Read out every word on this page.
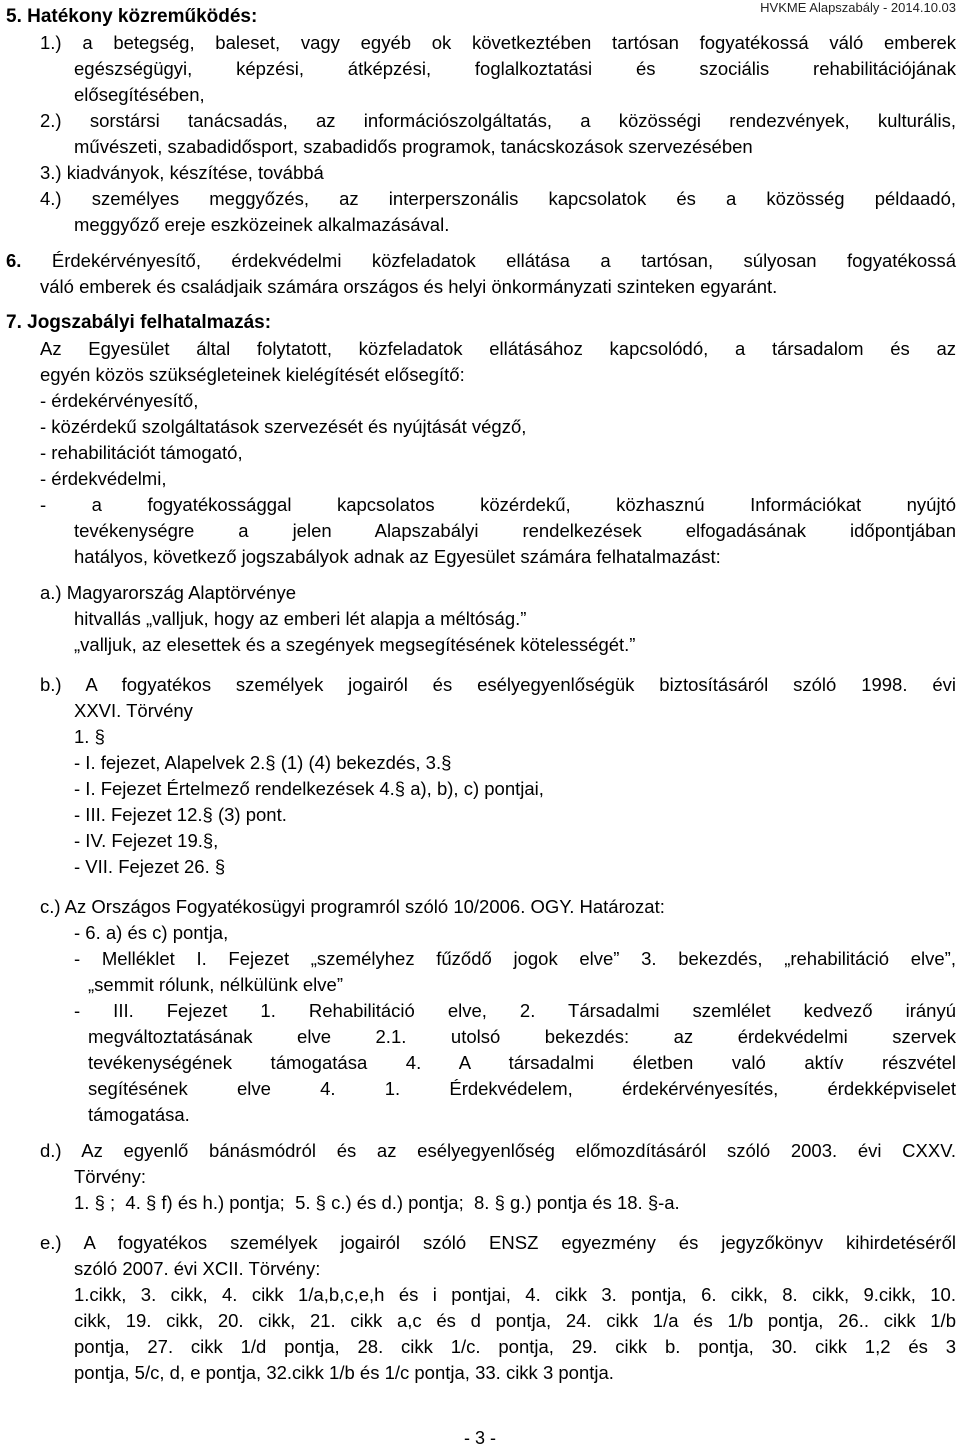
HVKME Alapszabály - 2014.10.03

5. Hatékony közreműködés:

1.) a betegség, baleset, vagy egyéb ok következtében tartósan fogyatékossá váló emberek

egészségügyi, képzési, átképzési, foglalkoztatási és szociális rehabilitációjának

elősegítésében,

2.) sorstársi tanácsadás, az információszolgáltatás, a közösségi rendezvények, kulturális,

művészeti, szabadidősport, szabadidős programok, tanácskozások szervezésében

3.) kiadványok, készítése, továbbá

4.) személyes meggyőzés, az interperszonális kapcsolatok és a közösség példaadó,

meggyőző ereje eszközeinek alkalmazásával.

6. Érdekérvényesítő, érdekvédelmi közfeladatok ellátása a tartósan, súlyosan fogyatékossá

váló emberek és családjaik számára országos és helyi önkormányzati szinteken egyaránt.

7. Jogszabályi felhatalmazás:

Az Egyesület által folytatott, közfeladatok ellátásához kapcsolódó, a társadalom és az

egyén közös szükségleteinek kielégítését elősegítő:

- érdekérvényesítő,

- közérdekű szolgáltatások szervezését és nyújtását végző,

- rehabilitációt támogató,

- érdekvédelmi,

- a fogyatékossággal kapcsolatos közérdekű, közhasznú Információkat nyújtó

tevékenységre a jelen Alapszabályi rendelkezések elfogadásának időpontjában

hatályos, következő jogszabályok adnak az Egyesület számára felhatalmazást:

a.) Magyarország Alaptörvénye

hitvallás „valljuk, hogy az emberi lét alapja a méltóság.”

„valljuk, az elesettek és a szegények megsegítésének kötelességét.”

b.) A fogyatékos személyek jogairól és esélyegyenlőségük biztosításáról szóló 1998. évi

XXVI. Törvény

1. §

- I. fejezet, Alapelvek 2.§ (1) (4) bekezdés, 3.§

- I. Fejezet Értelmező rendelkezések 4.§ a), b), c) pontjai,

- III. Fejezet 12.§ (3) pont.

- IV. Fejezet 19.§,

- VII. Fejezet 26. §

c.) Az Országos Fogyatékosügyi programról szóló 10/2006. OGY. Határozat:

- 6. a) és c) pontja,

- Melléklet I. Fejezet „személyhez fűződő jogok elve” 3. bekezdés, „rehabilitáció elve”,

„semmit rólunk, nélkülünk elve”

- III. Fejezet 1. Rehabilitáció elve, 2. Társadalmi szemlélet kedvező irányú

megváltoztatásának elve 2.1. utolsó bekezdés: az érdekvédelmi szervek

tevékenységének támogatása 4. A társadalmi életben való aktív részvétel

segítésének elve 4. 1. Érdekvédelem, érdekérvényesítés, érdekképviselet

támogatása.

d.) Az egyenlő bánásmódról és az esélyegyenlőség előmozdításáról szóló 2003. évi CXXV.

Törvény:

1. § ;  4. § f) és h.) pontja;  5. § c.) és d.) pontja;  8. § g.) pontja és 18. §-a.

e.) A fogyatékos személyek jogairól szóló ENSZ egyezmény és jegyzőkönyv kihirdetéséről

szóló 2007. évi XCII. Törvény:

1.cikk, 3. cikk, 4. cikk 1/a,b,c,e,h és i pontjai, 4. cikk 3. pontja, 6. cikk, 8. cikk, 9.cikk, 10.

cikk, 19. cikk, 20. cikk, 21. cikk a,c és d pontja, 24. cikk 1/a és 1/b pontja, 26.. cikk 1/b

pontja, 27. cikk 1/d pontja, 28. cikk 1/c. pontja, 29. cikk b. pontja, 30. cikk 1,2 és 3

pontja, 5/c, d, e pontja, 32.cikk 1/b és 1/c pontja, 33. cikk 3 pontja.

- 3 -
